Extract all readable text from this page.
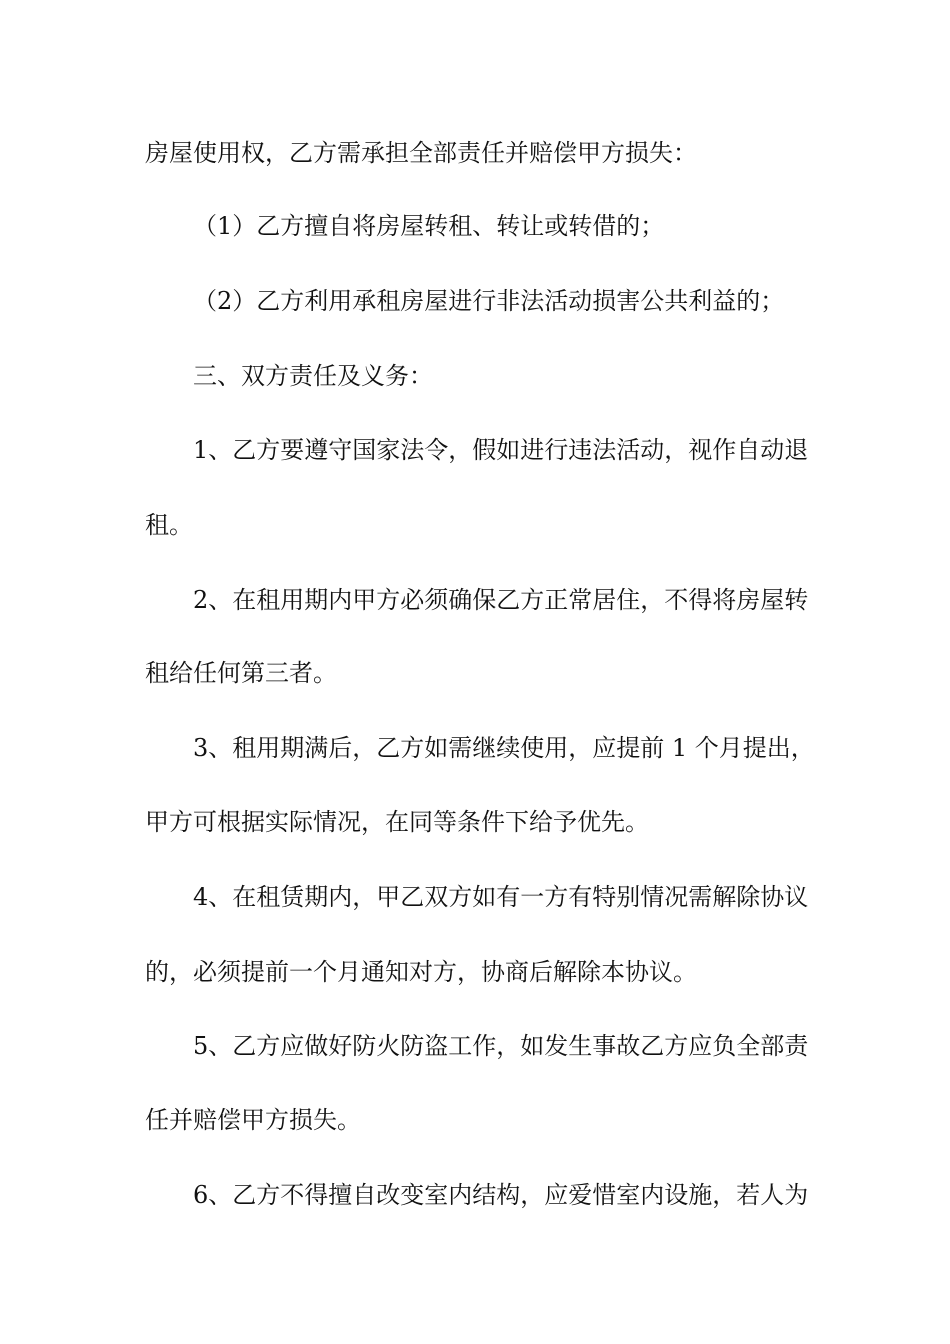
房屋使用权，乙方需承担全部责任并赔偿甲方损失：
（1）乙方擅自将房屋转租、转让或转借的；
（2）乙方利用承租房屋进行非法活动损害公共利益的；
三、双方责任及义务：
1、乙方要遵守国家法令，假如进行违法活动，视作自动退
租。
2、在租用期内甲方必须确保乙方正常居住，不得将房屋转
租给任何第三者。
3、租用期满后，乙方如需继续使用，应提前 1 个月提出，
甲方可根据实际情况，在同等条件下给予优先。
4、在租赁期内，甲乙双方如有一方有特别情况需解除协议
的，必须提前一个月通知对方，协商后解除本协议。
5、乙方应做好防火防盗工作，如发生事故乙方应负全部责
任并赔偿甲方损失。
6、乙方不得擅自改变室内结构，应爱惜室内设施，若人为
